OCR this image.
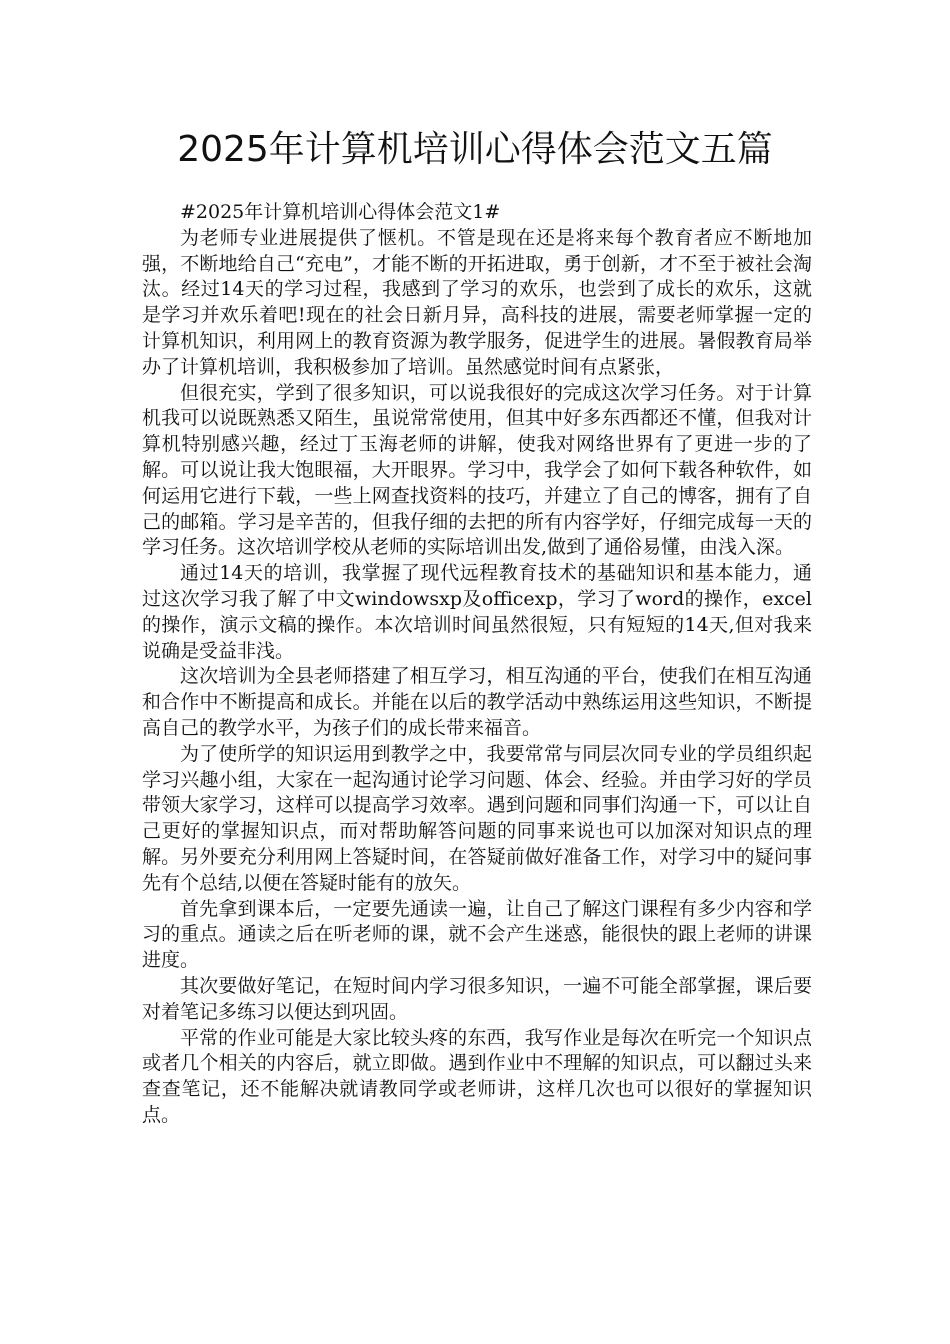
2025年计算机培训心得体会范文五篇

#2025年计算机培训心得体会范文1#

为老师专业进展提供了惬机。不管是现在还是将来每个教育者应不断地加强，不断地给自己“充电”，才能不断的开拓进取，勇于创新，才不至于被社会淘汰。经过14天的学习过程，我感到了学习的欢乐，也尝到了成长的欢乐，这就是学习并欢乐着吧!现在的社会日新月异，高科技的进展，需要老师掌握一定的计算机知识，利用网上的教育资源为教学服务，促进学生的进展。暑假教育局举办了计算机培训，我积极参加了培训。虽然感觉时间有点紧张，

但很充实，学到了很多知识，可以说我很好的完成这次学习任务。对于计算机我可以说既熟悉又陌生，虽说常常使用，但其中好多东西都还不懂，但我对计算机特别感兴趣，经过丁玉海老师的讲解，使我对网络世界有了更进一步的了解。可以说让我大饱眼福，大开眼界。学习中，我学会了如何下载各种软件，如何运用它进行下载，一些上网查找资料的技巧，并建立了自己的博客，拥有了自己的邮箱。学习是辛苦的，但我仔细的去把的所有内容学好，仔细完成每一天的学习任务。这次培训学校从老师的实际培训出发,做到了通俗易懂，由浅入深。

通过14天的培训，我掌握了现代远程教育技术的基础知识和基本能力，通过这次学习我了解了中文windowsxp及officexp，学习了word的操作，excel的操作，演示文稿的操作。本次培训时间虽然很短，只有短短的14天,但对我来说确是受益非浅。

这次培训为全县老师搭建了相互学习，相互沟通的平台，使我们在相互沟通和合作中不断提高和成长。并能在以后的教学活动中熟练运用这些知识，不断提高自己的教学水平，为孩子们的成长带来福音。

为了使所学的知识运用到教学之中，我要常常与同层次同专业的学员组织起学习兴趣小组，大家在一起沟通讨论学习问题、体会、经验。并由学习好的学员带领大家学习，这样可以提高学习效率。遇到问题和同事们沟通一下，可以让自己更好的掌握知识点，而对帮助解答问题的同事来说也可以加深对知识点的理解。另外要充分利用网上答疑时间，在答疑前做好准备工作，对学习中的疑问事先有个总结,以便在答疑时能有的放矢。

首先拿到课本后，一定要先通读一遍，让自己了解这门课程有多少内容和学习的重点。通读之后在听老师的课，就不会产生迷惑，能很快的跟上老师的讲课进度。

其次要做好笔记，在短时间内学习很多知识，一遍不可能全部掌握，课后要对着笔记多练习以便达到巩固。

平常的作业可能是大家比较头疼的东西，我写作业是每次在听完一个知识点或者几个相关的内容后，就立即做。遇到作业中不理解的知识点，可以翻过头来查查笔记，还不能解决就请教同学或老师讲，这样几次也可以很好的掌握知识点。
